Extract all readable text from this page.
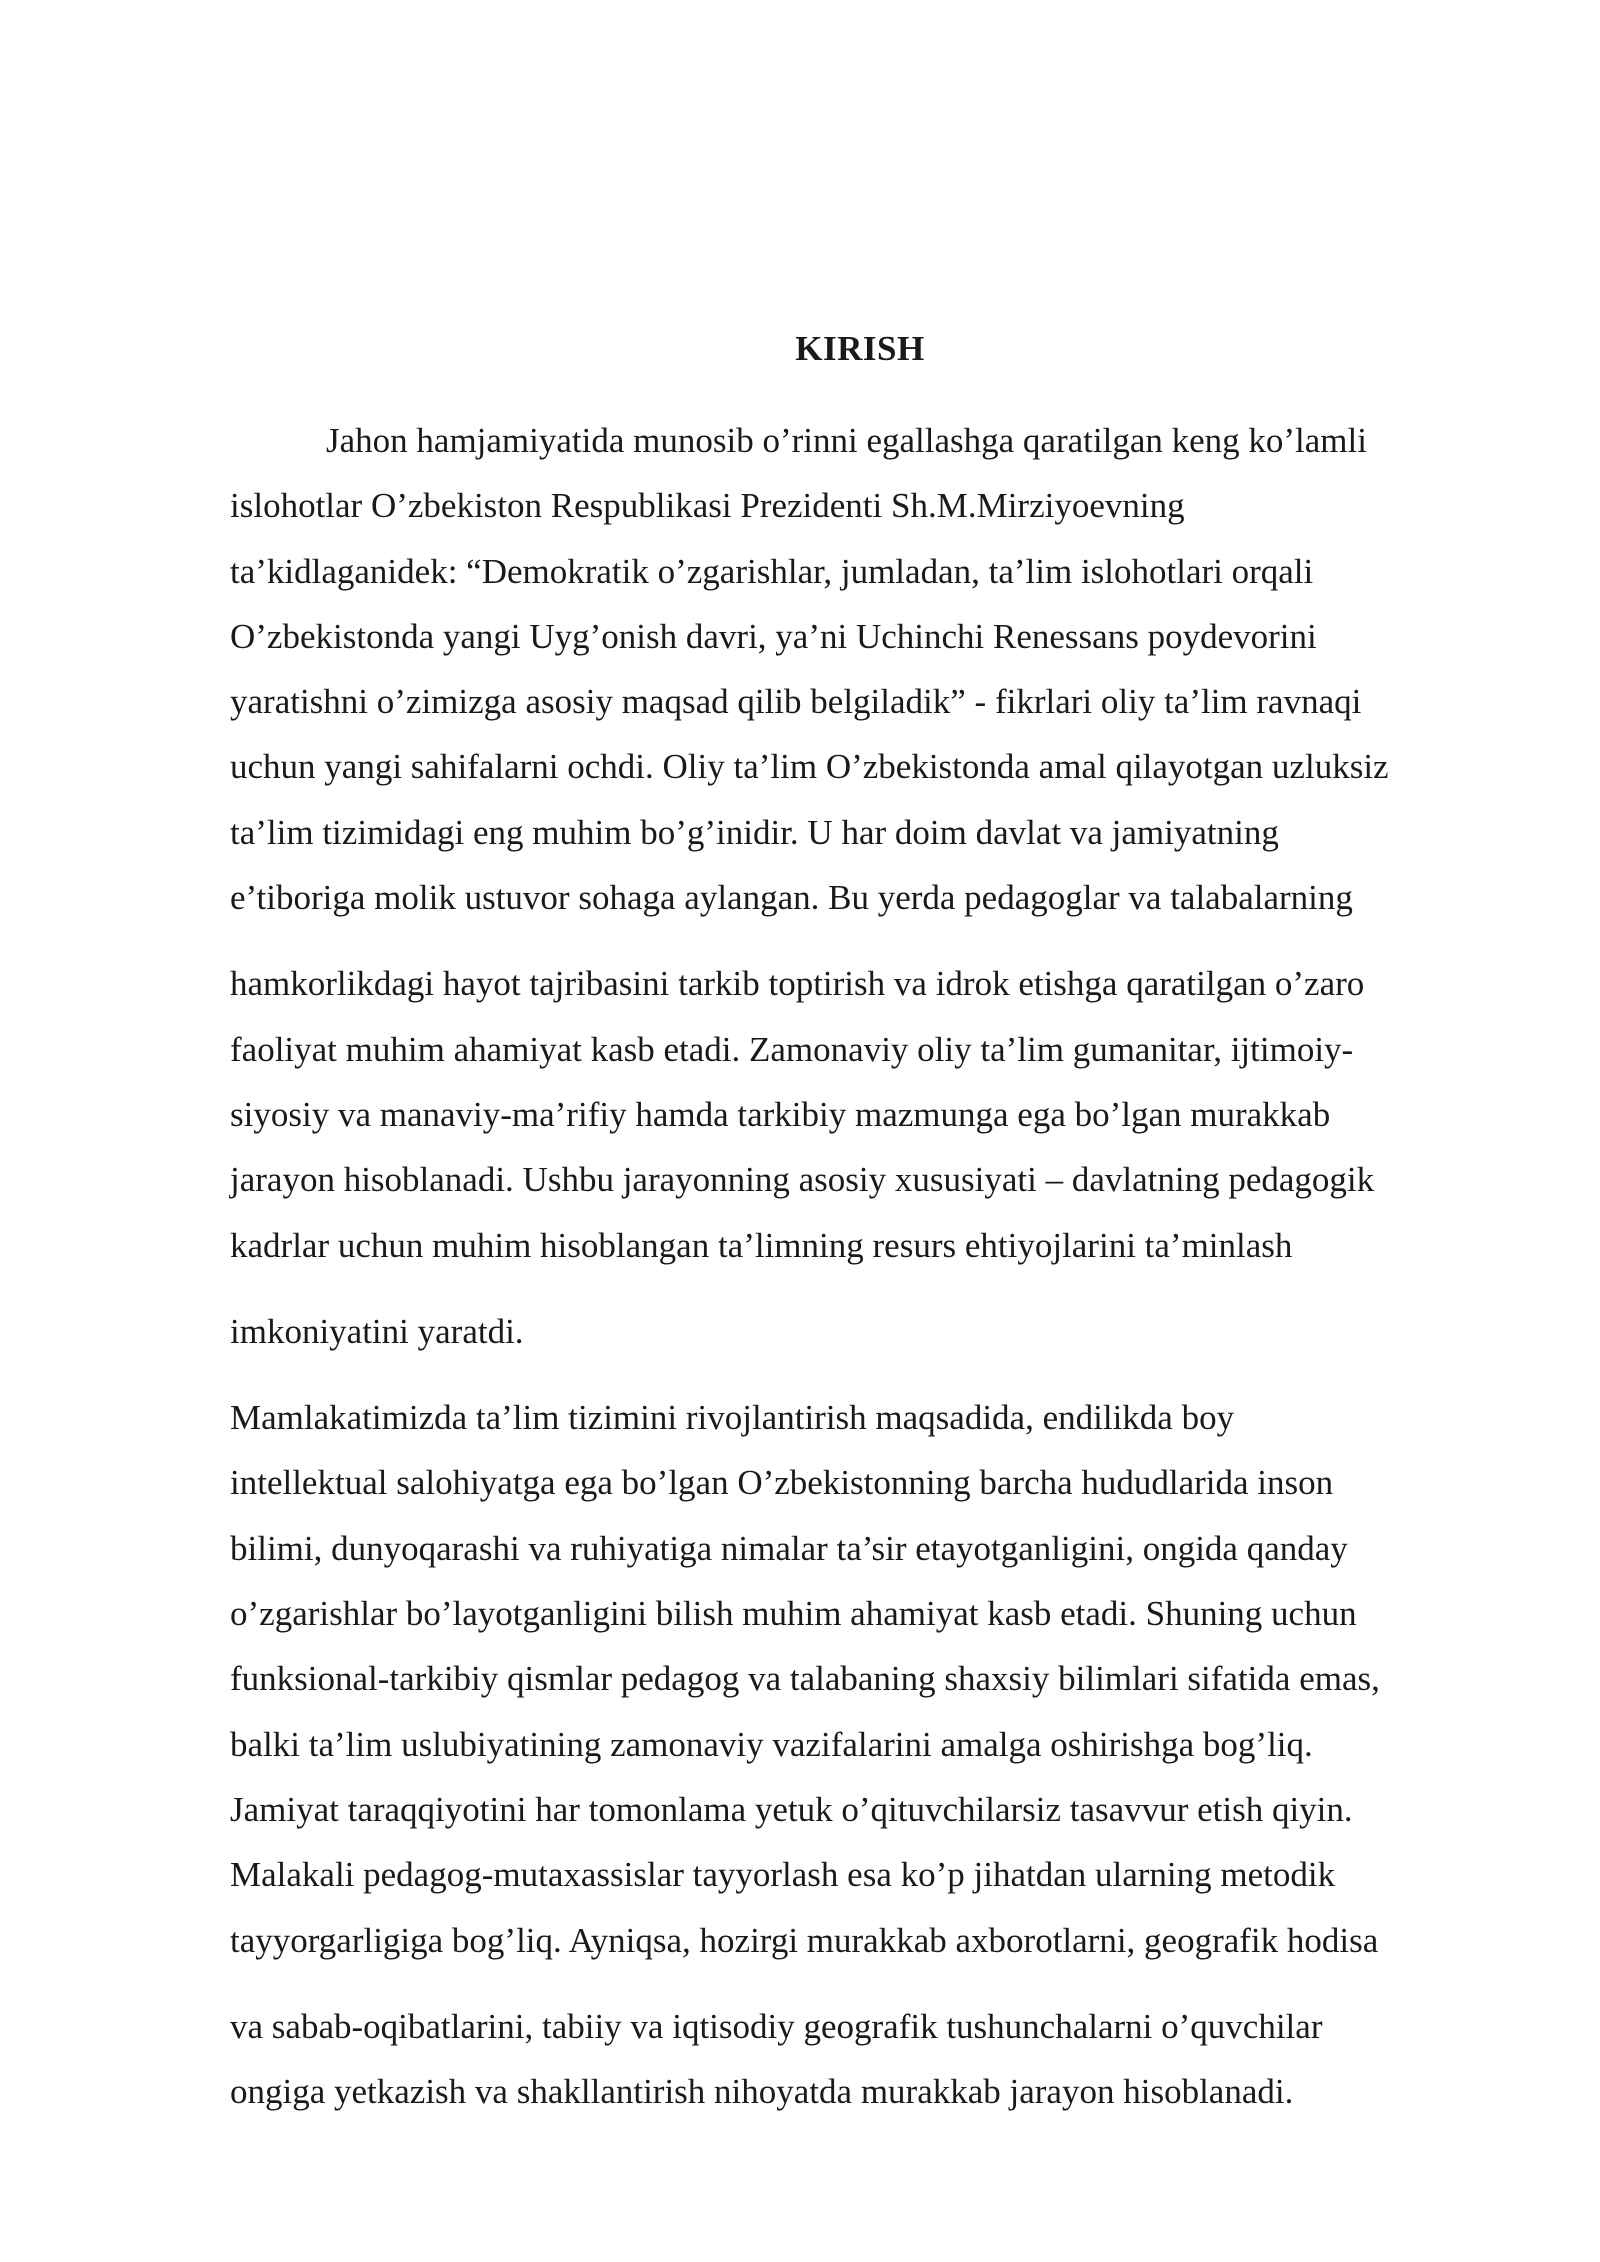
KIRISH
Jahon hamjamiyatida munosib o’rinni egallashga qaratilgan keng ko’lamli
islohotlar O’zbekiston Respublikasi Prezidenti Sh.M.Mirziyoevning
ta’kidlaganidek: “Demokratik o’zgarishlar, jumladan, ta’lim islohotlari orqali
O’zbekistonda yangi Uyg’onish davri, ya’ni Uchinchi Renessans poydevorini
yaratishni o’zimizga asosiy maqsad qilib belgiladik” - fikrlari oliy ta’lim ravnaqi
uchun yangi sahifalarni ochdi. Oliy ta’lim O’zbekistonda amal qilayotgan uzluksiz
ta’lim tizimidagi eng muhim bo’g’inidir. U har doim davlat va jamiyatning
e’tiboriga molik ustuvor sohaga aylangan. Bu yerda pedagoglar va talabalarning
hamkorlikdagi hayot tajribasini tarkib toptirish va idrok etishga qaratilgan o’zaro
faoliyat muhim ahamiyat kasb etadi. Zamonaviy oliy ta’lim gumanitar, ijtimoiy-
siyosiy va manaviy-ma’rifiy hamda tarkibiy mazmunga ega bo’lgan murakkab
jarayon hisoblanadi. Ushbu jarayonning asosiy xususiyati – davlatning pedagogik
kadrlar uchun muhim hisoblangan ta’limning resurs ehtiyojlarini ta’minlash
imkoniyatini yaratdi.
Mamlakatimizda ta’lim tizimini rivojlantirish maqsadida, endilikda boy
intellektual salohiyatga ega bo’lgan O’zbekistonning barcha hududlarida inson
bilimi, dunyoqarashi va ruhiyatiga nimalar ta’sir etayotganligini, ongida qanday
o’zgarishlar bo’layotganligini bilish muhim ahamiyat kasb etadi. Shuning uchun
funksional-tarkibiy qismlar pedagog va talabaning shaxsiy bilimlari sifatida emas,
balki ta’lim uslubiyatining zamonaviy vazifalarini amalga oshirishga bog’liq.
Jamiyat taraqqiyotini har tomonlama yetuk o’qituvchilarsiz tasavvur etish qiyin.
Malakali pedagog-mutaxassislar tayyorlash esa ko’p jihatdan ularning metodik
tayyorgarligiga bog’liq. Ayniqsa, hozirgi murakkab axborotlarni, geografik hodisa
va sabab-oqibatlarini, tabiiy va iqtisodiy geografik tushunchalarni o’quvchilar
ongiga yetkazish va shakllantirish nihoyatda murakkab jarayon hisoblanadi.
